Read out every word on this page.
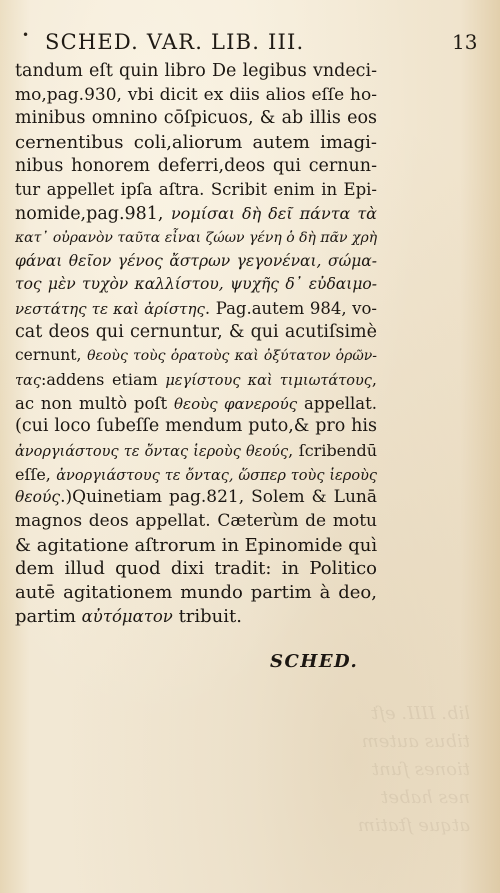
lib. IIII. eſt
tibus autem
tiones ſunt
nes habet
atque ſtatim
• SCHED. VAR. LIB. III.	13
tandum eſt quin libro De legibus vndeci-
mo,pag.930, vbi dicit ex diis alios eſſe ho-
minibus omnino cōſpicuos, & ab illis eos
cernentibus coli,aliorum autem imagi-
nibus honorem deferri,deos qui cernun-
tur appellet ipſa aſtra. Scribit enim in Epi-
nomide,pag.981, νομίσαι δὴ δεῖ πάντα τὰ
κατ᾽ οὐρανὸν ταῦτα εἶναι ζώων γένη ὁ δὴ πᾶν χρὴ
φάναι θεῖον γένος ἄστρων γεγονέναι, σώμα-
τος μὲν τυχὸν καλλίστου, ψυχῆς δ᾽ εὐδαιμο-
νεστάτης τε καὶ ἀρίστης. Pag.autem 984, vo-
cat deos qui cernuntur, & qui acutiſsimè
cernunt, θεοὺς τοὺς ὁρατοὺς καὶ ὀξύτατον ὁρῶν-
τας:addens etiam μεγίστους καὶ τιμιωτάτους,
ac non multò poſt θεοὺς φανερούς appellat.
(cui loco ſubeſſe mendum puto,& pro his
ἀνοργιάστους τε ὄντας ἱεροὺς θεούς, ſcribendū
eſſe, ἀνοργιάστους τε ὄντας, ὥσπερ τοὺς ἱεροὺς
θεούς.)Quinetiam pag.821, Solem & Lunā
magnos deos appellat. Cæterùm de motu
& agitatione aſtrorum in Epinomide quì
dem illud quod dixi tradit: in Politico
autē agitationem mundo partim à deo,
partim αὐτόματον tribuit.
SCHED.
